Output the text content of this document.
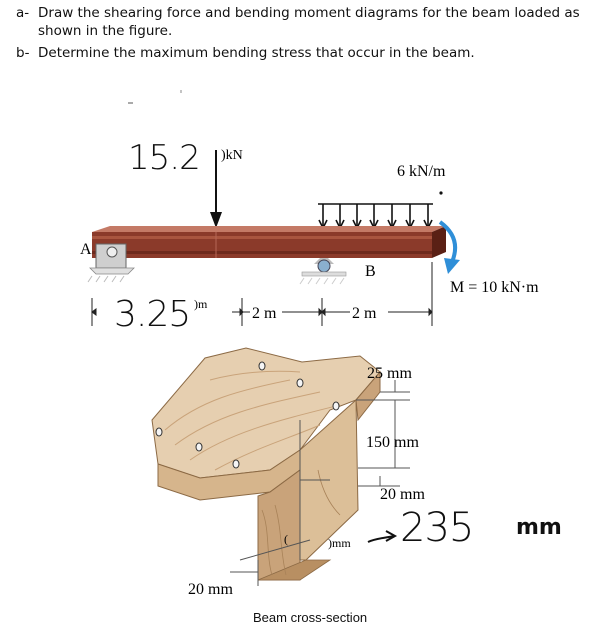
a- Draw the shearing force and bending moment diagrams for the beam loaded as
shown in the figure.
b- Determine the maximum bending stress that occur in the beam.
A
B
6 kN/m
M = 10 kN·m
)kN
2 m	2 m
)m
15.2
3.25
25 mm
150 mm
20 mm
(	)mm
20 mm
235 mm
Beam cross-section
